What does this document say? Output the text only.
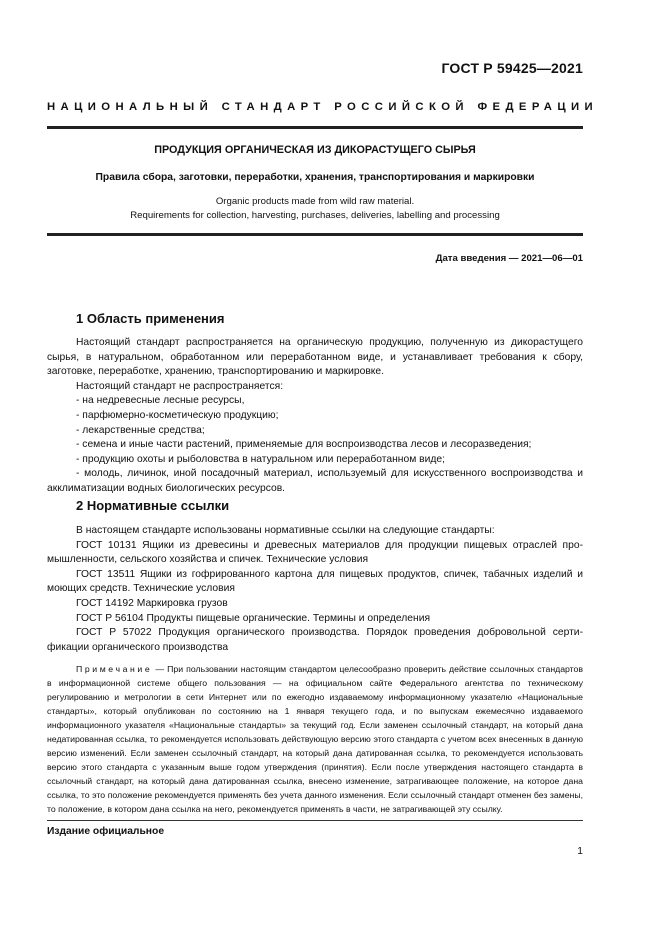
ГОСТ Р 59425—2021
НАЦИОНАЛЬНЫЙ СТАНДАРТ РОССИЙСКОЙ ФЕДЕРАЦИИ
ПРОДУКЦИЯ ОРГАНИЧЕСКАЯ ИЗ ДИКОРАСТУЩЕГО СЫРЬЯ
Правила сбора, заготовки, переработки, хранения, транспортирования и маркировки
Organic products made from wild raw material.
Requirements for collection, harvesting, purchases, deliveries, labelling and processing
Дата введения — 2021—06—01
1 Область применения

Настоящий стандарт распространяется на органическую продукцию, полученную из дикорастущего сырья, в натуральном, обработанном или переработанном виде, и устанавливает требования к сбору, заготовке, переработке, хранению, транспортированию и маркировке.

Настоящий стандарт не распространяется:

- на недревесные лесные ресурсы,

- парфюмерно-косметическую продукцию;

- лекарственные средства;

- семена и иные части растений, применяемые для воспроизводства лесов и лесоразведения;

- продукцию охоты и рыболовства в натуральном или переработанном виде;

- молодь, личинок, иной посадочный материал, используемый для искусственного воспроизводства и акклиматизации водных биологических ресурсов.

2 Нормативные ссылки

В настоящем стандарте использованы нормативные ссылки на следующие стандарты:

ГОСТ 10131 Ящики из древесины и древесных материалов для продукции пищевых отраслей промышленности, сельского хозяйства и спичек. Технические условия

ГОСТ 13511 Ящики из гофрированного картона для пищевых продуктов, спичек, табачных изделий и моющих средств. Технические условия

ГОСТ 14192 Маркировка грузов

ГОСТ Р 56104 Продукты пищевые органические. Термины и определения

ГОСТ Р 57022 Продукция органического производства. Порядок проведения добровольной сертификации органического производства

Примечание — При пользовании настоящим стандартом целесообразно проверить действие ссылочных стандартов в информационной системе общего пользования — на официальном сайте Федерального агентства по техническому регулированию и метрологии в сети Интернет или по ежегодно издаваемому информационному указателю «Национальные стандарты», который опубликован по состоянию на 1 января текущего года, и по выпускам ежемесячно издаваемого информационного указателя «Национальные стандарты» за текущий год. Если заменен ссылочный стандарт, на который дана недатированная ссылка, то рекомендуется использовать действующую версию этого стандарта с учетом всех внесенных в данную версию изменений. Если заменен ссылочный стандарт, на который дана датированная ссылка, то рекомендуется использовать версию этого стандарта с указанным выше годом утверждения (принятия). Если после утверждения настоящего стандарта в ссылочный стандарт, на который дана датированная ссылка, внесено изменение, затрагивающее положение, на которое дана ссылка, то это положение рекомендуется применять без учета данного изменения. Если ссылочный стандарт отменен без замены, то положение, в котором дана ссылка на него, рекомендуется применять в части, не затрагивающей эту ссылку.

Издание официальное
1
